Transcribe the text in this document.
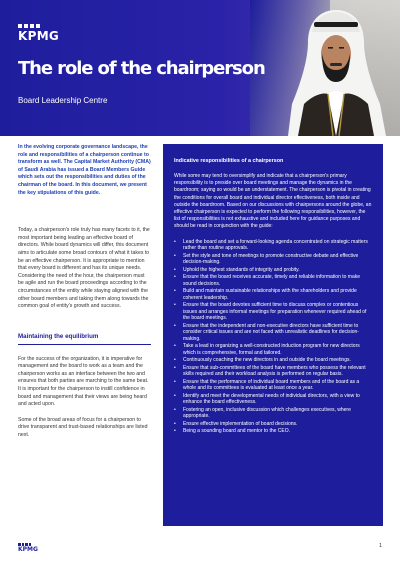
KPMG
The role of the chairperson
Board Leadership Centre

In the evolving corporate governance landscape, the role and responsibilities of a chairperson continue to transform as well. The Capital Market Authority (CMA) of Saudi Arabia has issued a Board Members Guide which sets out the responsibilities and duties of the chairman of the board. In this document, we present the key stipulations of this guide.

Today, a chairperson's role truly has many facets to it, the most important being leading an effective board of directors. While board dynamics will differ, this document aims to articulate some broad contours of what it takes to be an effective chairperson. It is appropriate to mention that every board is different and has its unique needs. Considering the need of the hour, the chairperson must be agile and run the board proceedings according to the circumstances of the entity while staying aligned with the other board members and taking them along towards the common goal of entity's growth and success.

Maintaining the equilibrium

For the success of the organization, it is imperative for management and the board to work as a team and the chairperson works as an interface between the two and ensures that both parties are marching to the same beat. It is important for the chairperson to instill confidence in board and management that their views are being heard and acted upon.

Some of the broad areas of focus for a chairperson to drive transparent and trust-based relationships are listed next.

Indicative responsibilities of a chairperson

While some may tend to oversimplify and indicate that a chairperson's primary responsibility is to preside over board meetings and manage the dynamics in the boardroom; saying so would be an understatement. The chairperson is pivotal in creating the conditions for overall board and individual director effectiveness, both inside and outside the boardroom. Based on our discussions with chairpersons around the globe, an effective chairperson is expected to perform the following responsibilities, however, the list of responsibilities is not exhaustive and included here for guidance purposes and should be read in conjunction with the guide:

• Lead the board and set a forward-looking agenda concentrated on strategic matters rather than routine approvals.
• Set the style and tone of meetings to promote constructive debate and effective decision-making.
• Uphold the highest standards of integrity and probity.
• Ensure that the board receives accurate, timely and reliable information to make sound decisions.
• Build and maintain sustainable relationships with the shareholders and provide coherent leadership.
• Ensure that the board devotes sufficient time to discuss complex or contentious issues and arranges informal meetings for preparation whenever required ahead of the board meetings.
• Ensure that the independent and non-executive directors have sufficient time to consider critical issues and are not faced with unrealistic deadlines for decision-making.
• Take a lead in organizing a well-constructed induction program for new directors which is comprehensive, formal and tailored.
• Continuously coaching the new directors in and outside the board meetings.
• Ensure that sub-committees of the board have members who possess the relevant skills required and their workload analysis is performed on regular basis.
• Ensure that the performance of individual board members and of the board as a whole and its committees is evaluated at least once a year.
• Identify and meet the developmental needs of individual directors, with a view to enhance the board effectiveness.
• Fostering an open, inclusive discussion which challenges executives, where appropriate.
• Ensure effective implementation of board decisions.
• Being a sounding board and mentor to the CEO.
KPMG	1
